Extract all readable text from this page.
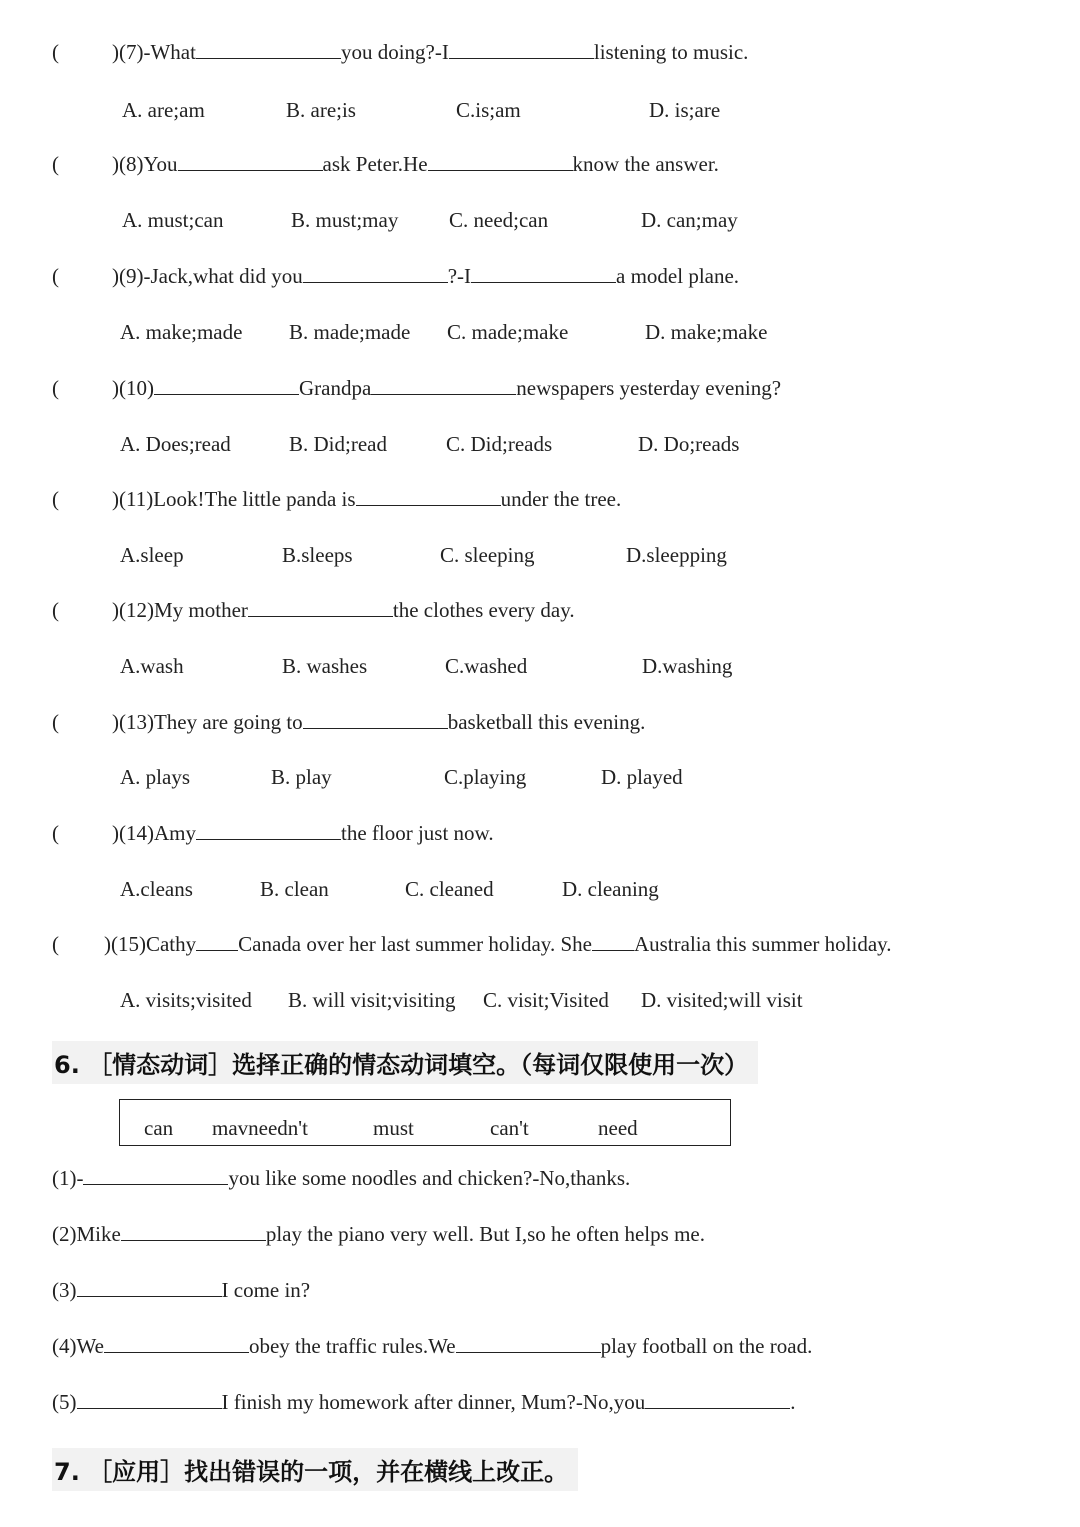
(	)(7)-What	you doing?-I	listening to music.
A. are;am	B. are;is	C.is;am	D. is;are
(	)(8)You	ask Peter.He	know the answer.
A. must;can	B. must;may C. need;can	D. can;may
(	)(9)-Jack,what did you	?-I	a model plane.
A. make;made B. made;made C. made;make	D. make;make
(	)(10)	Grandpa	newspapers yesterday evening?
A. Does;read	B. Did;read	C. Did;reads	D. Do;reads
(	)(11)Look!The little panda is	under the tree.
A.sleep	B.sleeps	C. sleeping	D.sleepping
(	)(12)My mother	the clothes every day.
A.wash	B. washes	C.washed	D.washing
(	)(13)They are going to	basketball this evening.
A. plays	B. play	C.playing	D. played
(	)(14)Amy	the floor just now.
A.cleans	B. clean	C. cleaned	D. cleaning
( )(15)Cathy Canada over her last summer holiday. She Australia this summer holiday.
A. visits;visited B. will visit;visiting C. visit;Visited D. visited;will visit
6. ［情态动词］选择正确的情态动词填空。（每词仅限使用一次）
can mavneedn't	must	can't	need
(1)-	you like some noodles and chicken?-No,thanks.
(2)Mike	play the piano very well. But I,so he often helps me.
(3)	I come in?
(4)We	obey the traffic rules.We	play football on the road.
(5)	I finish my homework after dinner, Mum?-No,you	.
7. ［应用］找出错误的一项，并在横线上改正。
